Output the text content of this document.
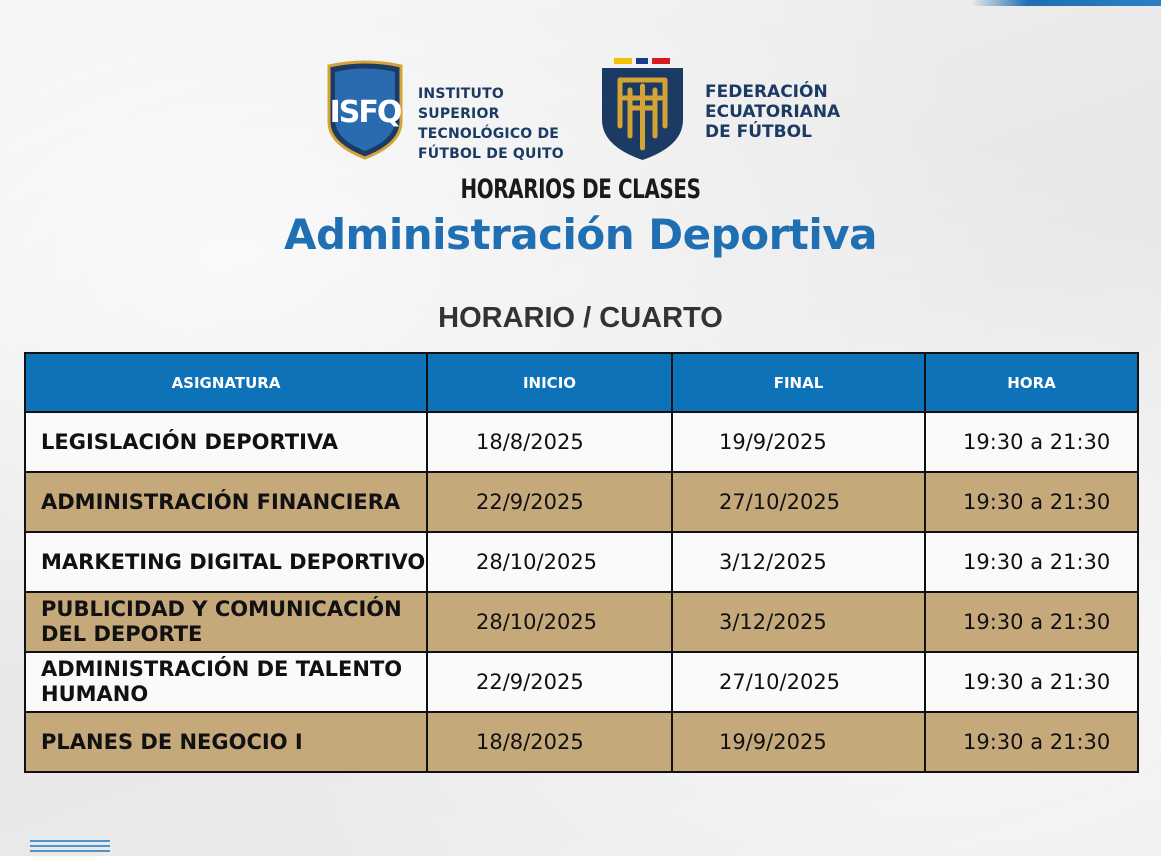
ISFQ
INSTITUTO SUPERIOR
TECNOLÓGICO DE
FÚTBOL DE QUITO
FEDERACIÓN
ECUATORIANA
DE FÚTBOL
HORARIOS DE CLASES
Administración Deportiva
HORARIO / CUARTO
ASIGNATURA	INICIO	FINAL	HORA
LEGISLACIÓN DEPORTIVA	18/8/2025	19/9/2025	19:30 a 21:30
ADMINISTRACIÓN FINANCIERA	22/9/2025	27/10/2025	19:30 a 21:30
MARKETING DIGITAL DEPORTIVO	28/10/2025	3/12/2025	19:30 a 21:30
PUBLICIDAD Y COMUNICACIÓN DEL DEPORTE	28/10/2025	3/12/2025	19:30 a 21:30
ADMINISTRACIÓN DE TALENTO HUMANO	22/9/2025	27/10/2025	19:30 a 21:30
PLANES DE NEGOCIO I	18/8/2025	19/9/2025	19:30 a 21:30
